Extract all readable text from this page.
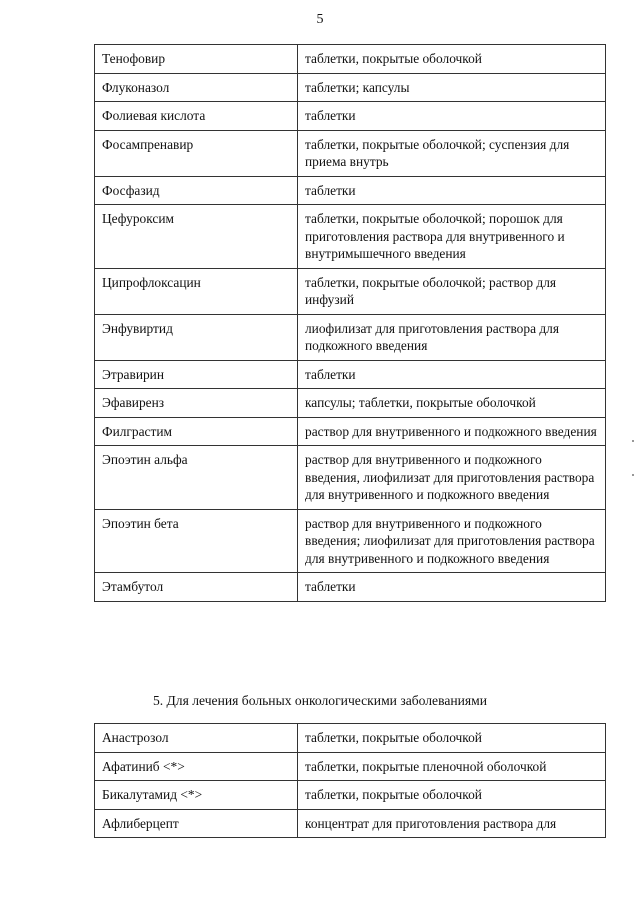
5
Тенофовир	таблетки, покрытые оболочкой
Флуконазол	таблетки; капсулы
Фолиевая кислота	таблетки
Фосампренавир	таблетки, покрытые оболочкой; суспензия для приема внутрь
Фосфазид	таблетки
Цефуроксим	таблетки, покрытые оболочкой; порошок для приготовления раствора для внутривенного и внутримышечного введения
Ципрофлоксацин	таблетки, покрытые оболочкой; раствор для инфузий
Энфувиртид	лиофилизат для приготовления раствора для подкожного введения
Этравирин	таблетки
Эфавиренз	капсулы; таблетки, покрытые оболочкой
Филграстим	раствор для внутривенного и подкожного введения
Эпоэтин альфа	раствор для внутривенного и подкожного введения, лиофилизат для приготовления раствора для внутривенного и подкожного введения
Эпоэтин бета	раствор для внутривенного и подкожного введения; лиофилизат для приготовления раствора для внутривенного и подкожного введения
Этамбутол	таблетки
5. Для лечения больных онкологическими заболеваниями
Анастрозол	таблетки, покрытые оболочкой
Афатиниб <*>	таблетки, покрытые пленочной оболочкой
Бикалутамид <*>	таблетки, покрытые оболочкой
Афлиберцепт	концентрат для приготовления раствора для
